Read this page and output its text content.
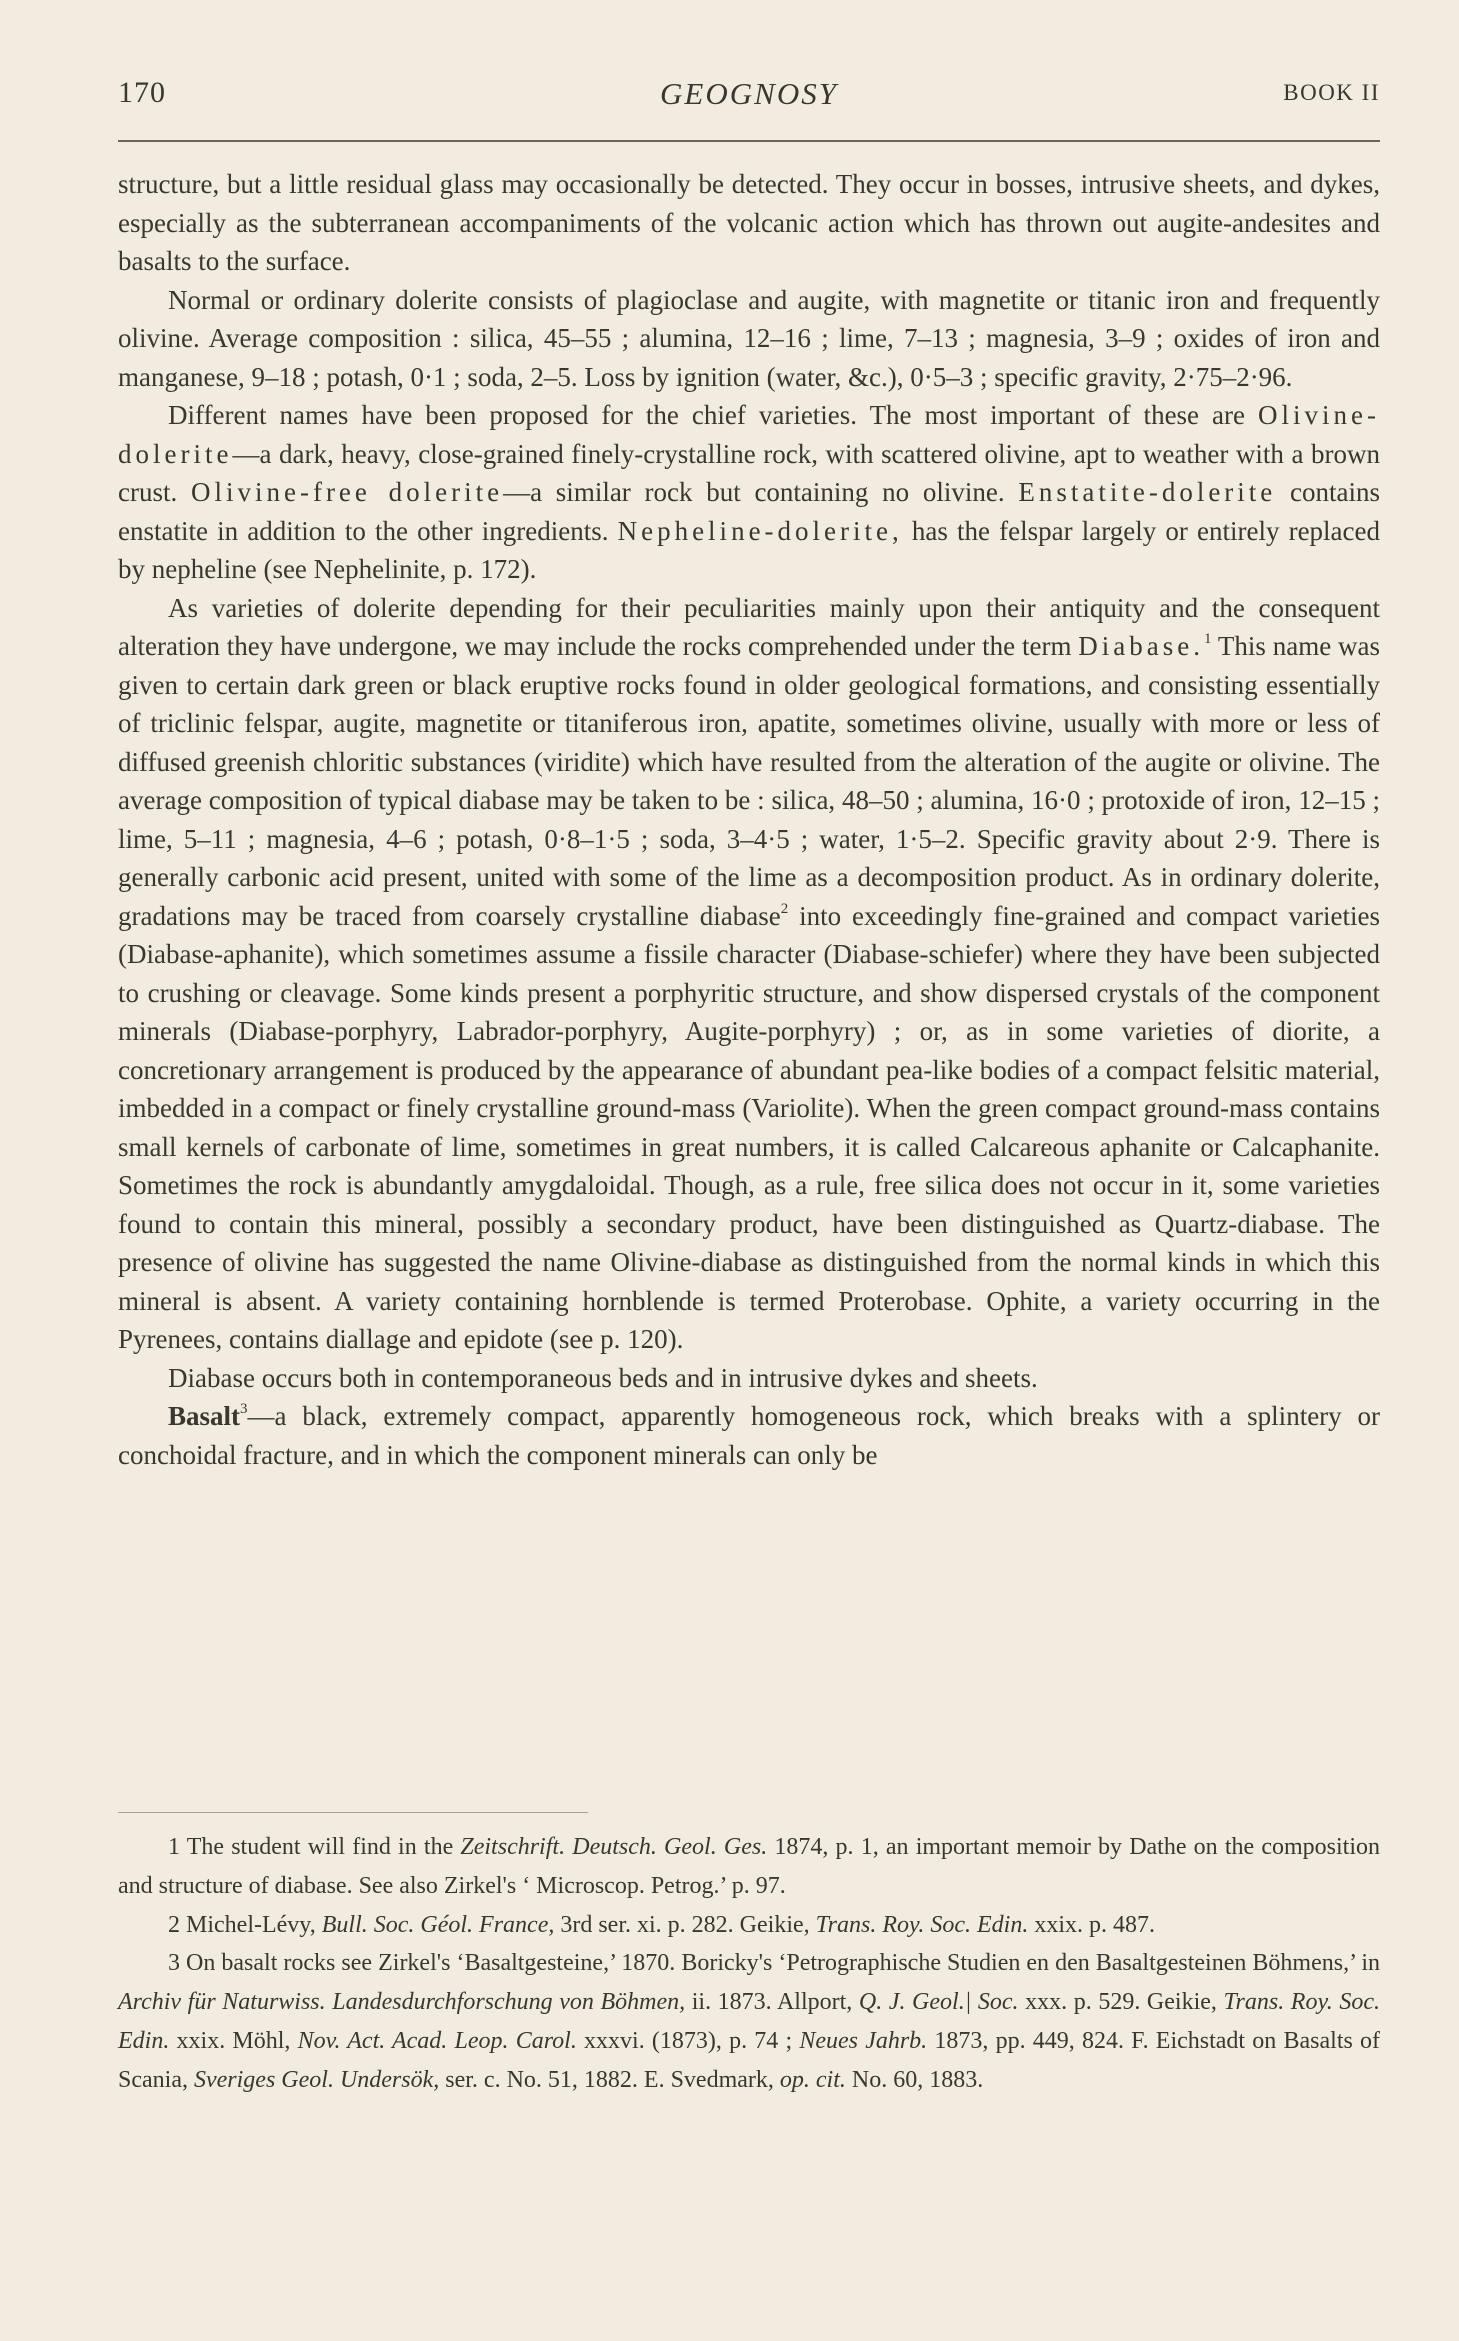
170	GEOGNOSY	BOOK II

structure, but a little residual glass may occasionally be detected. They occur in bosses, intrusive sheets, and dykes, especially as the subterranean accompaniments of the volcanic action which has thrown out augite-andesites and basalts to the surface.

Normal or ordinary dolerite consists of plagioclase and augite, with magnetite or titanic iron and frequently olivine. Average composition : silica, 45–55 ; alumina, 12–16 ; lime, 7–13 ; magnesia, 3–9 ; oxides of iron and manganese, 9–18 ; potash, 0·1 ; soda, 2–5. Loss by ignition (water, &c.), 0·5–3 ; specific gravity, 2·75–2·96.

Different names have been proposed for the chief varieties. The most important of these are Olivine-dolerite—a dark, heavy, close-grained finely-crystalline rock, with scattered olivine, apt to weather with a brown crust. Olivine-free dolerite—a similar rock but containing no olivine. Enstatite-dolerite contains enstatite in addition to the other ingredients. Nepheline-dolerite, has the felspar largely or entirely replaced by nepheline (see Nephelinite, p. 172).

As varieties of dolerite depending for their peculiarities mainly upon their antiquity and the consequent alteration they have undergone, we may include the rocks comprehended under the term Diabase.$^1$ This name was given to certain dark green or black eruptive rocks found in older geological formations, and consisting essentially of triclinic felspar, augite, magnetite or titaniferous iron, apatite, sometimes olivine, usually with more or less of diffused greenish chloritic substances (viridite) which have resulted from the alteration of the augite or olivine. The average composition of typical diabase may be taken to be : silica, 48–50 ; alumina, 16·0 ; protoxide of iron, 12–15 ; lime, 5–11 ; magnesia, 4–6 ; potash, 0·8–1·5 ; soda, 3–4·5 ; water, 1·5–2. Specific gravity about 2·9. There is generally carbonic acid present, united with some of the lime as a decomposition product. As in ordinary dolerite, gradations may be traced from coarsely crystalline diabase$^2$ into exceedingly fine-grained and compact varieties (Diabase-aphanite), which sometimes assume a fissile character (Diabase-schiefer) where they have been subjected to crushing or cleavage. Some kinds present a porphyritic structure, and show dispersed crystals of the component minerals (Diabase-porphyry, Labrador-porphyry, Augite-porphyry) ; or, as in some varieties of diorite, a concretionary arrangement is produced by the appearance of abundant pea-like bodies of a compact felsitic material, imbedded in a compact or finely crystalline ground-mass (Variolite). When the green compact ground-mass contains small kernels of carbonate of lime, sometimes in great numbers, it is called Calcareous aphanite or Calcaphanite. Sometimes the rock is abundantly amygdaloidal. Though, as a rule, free silica does not occur in it, some varieties found to contain this mineral, possibly a secondary product, have been distinguished as Quartz-diabase. The presence of olivine has suggested the name Olivine-diabase as distinguished from the normal kinds in which this mineral is absent. A variety containing hornblende is termed Proterobase. Ophite, a variety occurring in the Pyrenees, contains diallage and epidote (see p. 120).

Diabase occurs both in contemporaneous beds and in intrusive dykes and sheets.

Basalt$^3$—a black, extremely compact, apparently homogeneous rock, which breaks with a splintery or conchoidal fracture, and in which the component minerals can only be

1 The student will find in the Zeitschrift. Deutsch. Geol. Ges. 1874, p. 1, an important memoir by Dathe on the composition and structure of diabase. See also Zirkel's ‘ Microscop. Petrog.’ p. 97.

2 Michel-Lévy, Bull. Soc. Géol. France, 3rd ser. xi. p. 282. Geikie, Trans. Roy. Soc. Edin. xxix. p. 487.

3 On basalt rocks see Zirkel's ‘Basaltgesteine,’ 1870. Boricky's ‘Petrographische Studien en den Basaltgesteinen Böhmens,’ in Archiv für Naturwiss. Landesdurchforschung von Böhmen, ii. 1873. Allport, Q. J. Geol.| Soc. xxx. p. 529. Geikie, Trans. Roy. Soc. Edin. xxix. Möhl, Nov. Act. Acad. Leop. Carol. xxxvi. (1873), p. 74 ; Neues Jahrb. 1873, pp. 449, 824. F. Eichstadt on Basalts of Scania, Sveriges Geol. Undersök, ser. c. No. 51, 1882. E. Svedmark, op. cit. No. 60, 1883.
